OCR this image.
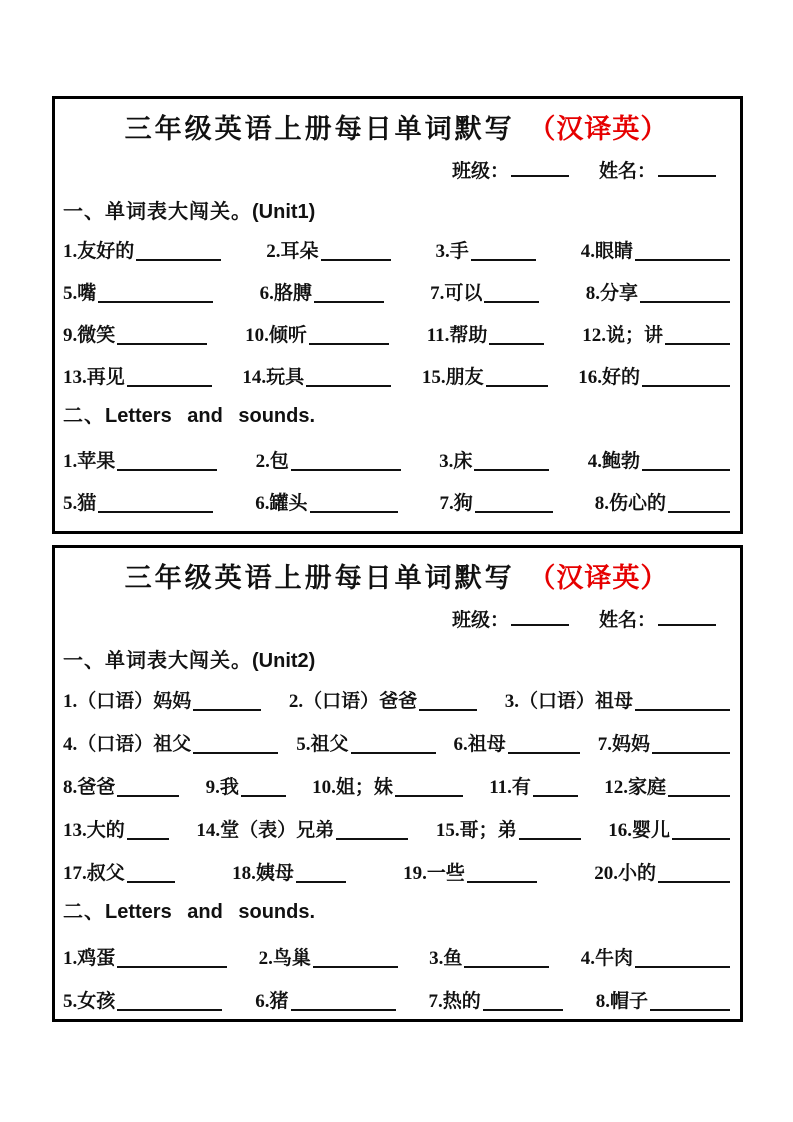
三年级英语上册每日单词默写 （汉译英）
班级：	姓名：
一、单词表大闯关。(Unit1)
1.友好的	2.耳朵	3.手	4.眼睛
5.嘴	6.胳膊	7.可以	8.分享
9.微笑	10.倾听	11.帮助	12.说；讲
13.再见	14.玩具	15.朋友	16.好的
二、Letters and sounds.
1.苹果	2.包	3.床	4.鲍勃
5.猫	6.罐头	7.狗	8.伤心的
三年级英语上册每日单词默写 （汉译英）
班级：	姓名：
一、单词表大闯关。(Unit2)
1.（口语）妈妈	2.（口语）爸爸	3.（口语）祖母
4.（口语）祖父	5.祖父	6.祖母	7.妈妈
8.爸爸	9.我	10.姐；妹	11.有	12.家庭
13.大的	14.堂（表）兄弟	15.哥；弟	16.婴儿
17.叔父	18.姨母	19.一些	20.小的
二、Letters and sounds.
1.鸡蛋	2.鸟巢	3.鱼	4.牛肉
5.女孩	6.猪	7.热的	8.帽子
